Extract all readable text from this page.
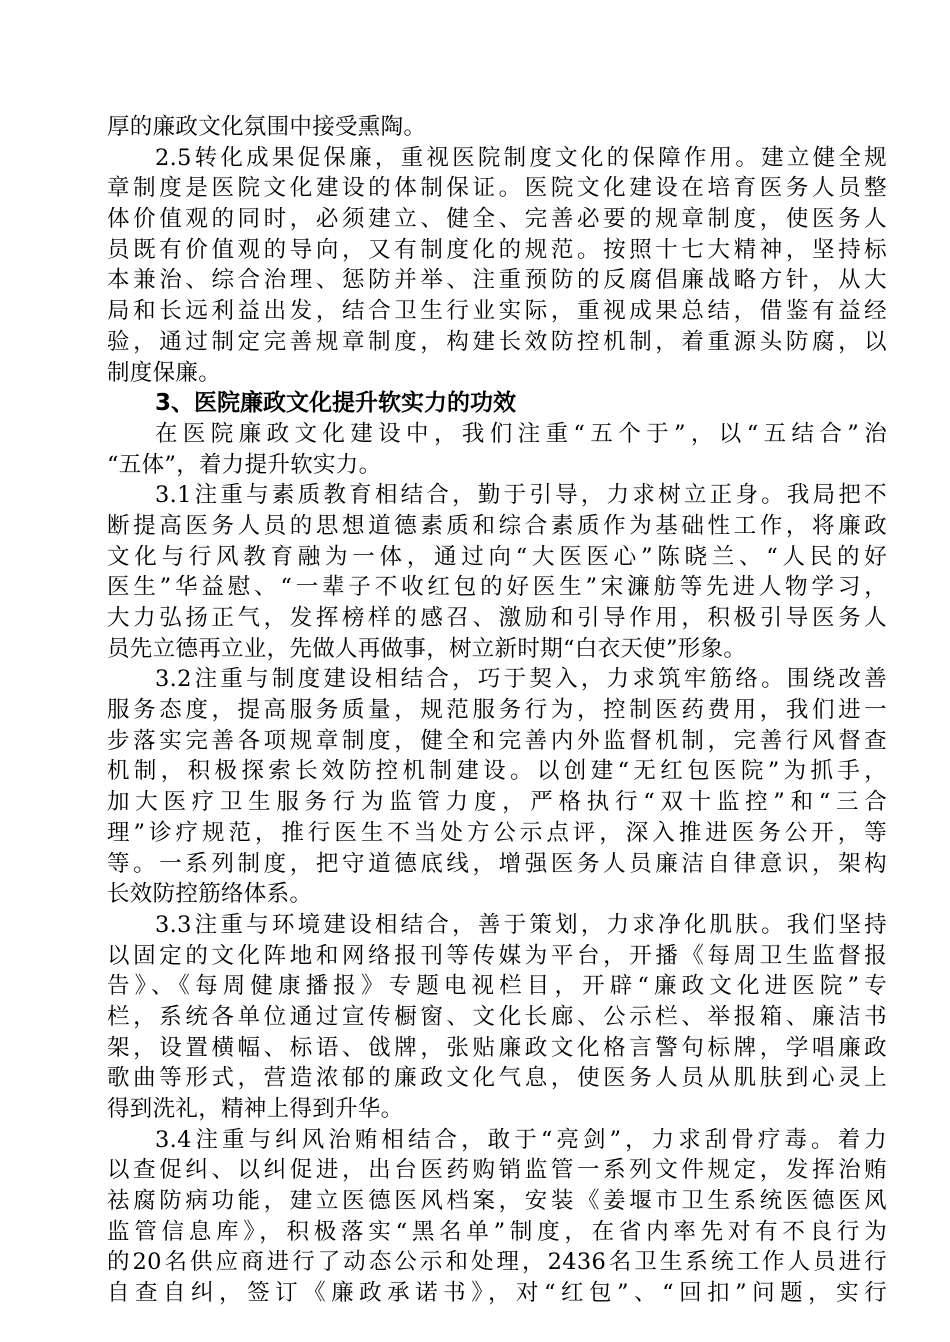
厚的廉政文化氛围中接受熏陶。
2.5转化成果促保廉，重视医院制度文化的保障作用。建立健全规
章制度是医院文化建设的体制保证。医院文化建设在培育医务人员整
体价值观的同时，必须建立、健全、完善必要的规章制度，使医务人
员既有价值观的导向，又有制度化的规范。按照十七大精神，坚持标
本兼治、综合治理、惩防并举、注重预防的反腐倡廉战略方针，从大
局和长远利益出发，结合卫生行业实际，重视成果总结，借鉴有益经
验，通过制定完善规章制度，构建长效防控机制，着重源头防腐，以
制度保廉。
3、医院廉政文化提升软实力的功效
在医院廉政文化建设中，我们注重“五个于”，以“五结合”治
“五体”，着力提升软实力。
3.1注重与素质教育相结合，勤于引导，力求树立正身。我局把不
断提高医务人员的思想道德素质和综合素质作为基础性工作，将廉政
文化与行风教育融为一体，通过向“大医医心”陈晓兰、“人民的好
医生”华益慰、“一辈子不收红包的好医生”宋濂舫等先进人物学习，
大力弘扬正气，发挥榜样的感召、激励和引导作用，积极引导医务人
员先立德再立业，先做人再做事，树立新时期“白衣天使”形象。
3.2注重与制度建设相结合，巧于契入，力求筑牢筋络。围绕改善
服务态度，提高服务质量，规范服务行为，控制医药费用，我们进一
步落实完善各项规章制度，健全和完善内外监督机制，完善行风督查
机制，积极探索长效防控机制建设。以创建“无红包医院”为抓手，
加大医疗卫生服务行为监管力度，严格执行“双十监控”和“三合
理”诊疗规范，推行医生不当处方公示点评，深入推进医务公开，等
等。一系列制度，把守道德底线，增强医务人员廉洁自律意识，架构
长效防控筋络体系。
3.3注重与环境建设相结合，善于策划，力求净化肌肤。我们坚持
以固定的文化阵地和网络报刊等传媒为平台，开播《每周卫生监督报
告》、《每周健康播报》专题电视栏目，开辟“廉政文化进医院”专
栏，系统各单位通过宣传橱窗、文化长廊、公示栏、举报箱、廉洁书
架，设置横幅、标语、戗牌，张贴廉政文化格言警句标牌，学唱廉政
歌曲等形式，营造浓郁的廉政文化气息，使医务人员从肌肤到心灵上
得到洗礼，精神上得到升华。
3.4注重与纠风治贿相结合，敢于“亮剑”，力求刮骨疗毒。着力
以查促纠、以纠促进，出台医药购销监管一系列文件规定，发挥治贿
祛腐防病功能，建立医德医风档案，安装《姜堰市卫生系统医德医风
监管信息库》，积极落实“黑名单”制度，在省内率先对有不良行为
的20名供应商进行了动态公示和处理，2436名卫生系统工作人员进行
自查自纠，签订《廉政承诺书》，对“红包”、“回扣”问题，实行
